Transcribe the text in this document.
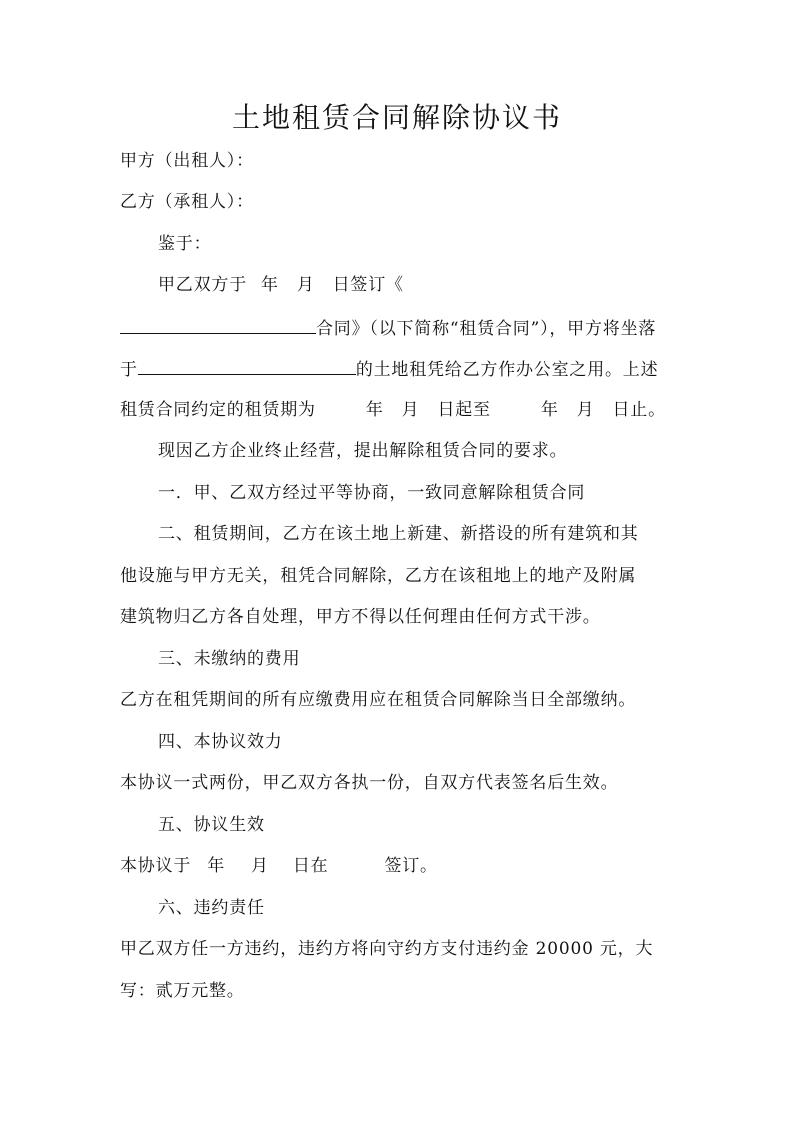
土地租赁合同解除协议书
甲方（出租人）：
乙方（承租人）：
鉴于：
甲乙双方于 年 月 日签订《
合同》（以下简称“租赁合同”），甲方将坐落
于	的土地租凭给乙方作办公室之用。上述
租赁合同约定的租赁期为	年 月 日起至	年 月 日止。
现因乙方企业终止经营，提出解除租赁合同的要求。
一．甲、乙双方经过平等协商，一致同意解除租赁合同
二、租赁期间，乙方在该土地上新建、新搭设的所有建筑和其
他设施与甲方无关，租凭合同解除，乙方在该租地上的地产及附属
建筑物归乙方各自处理，甲方不得以任何理由任何方式干涉。
三、未缴纳的费用
乙方在租凭期间的所有应缴费用应在租赁合同解除当日全部缴纳。
四、本协议效力
本协议一式两份，甲乙双方各执一份，自双方代表签名后生效。
五、协议生效
本协议于 年 月 日在	签订。
六、违约责任
甲乙双方任一方违约，违约方将向守约方支付违约金 20000 元，大
写：贰万元整。
